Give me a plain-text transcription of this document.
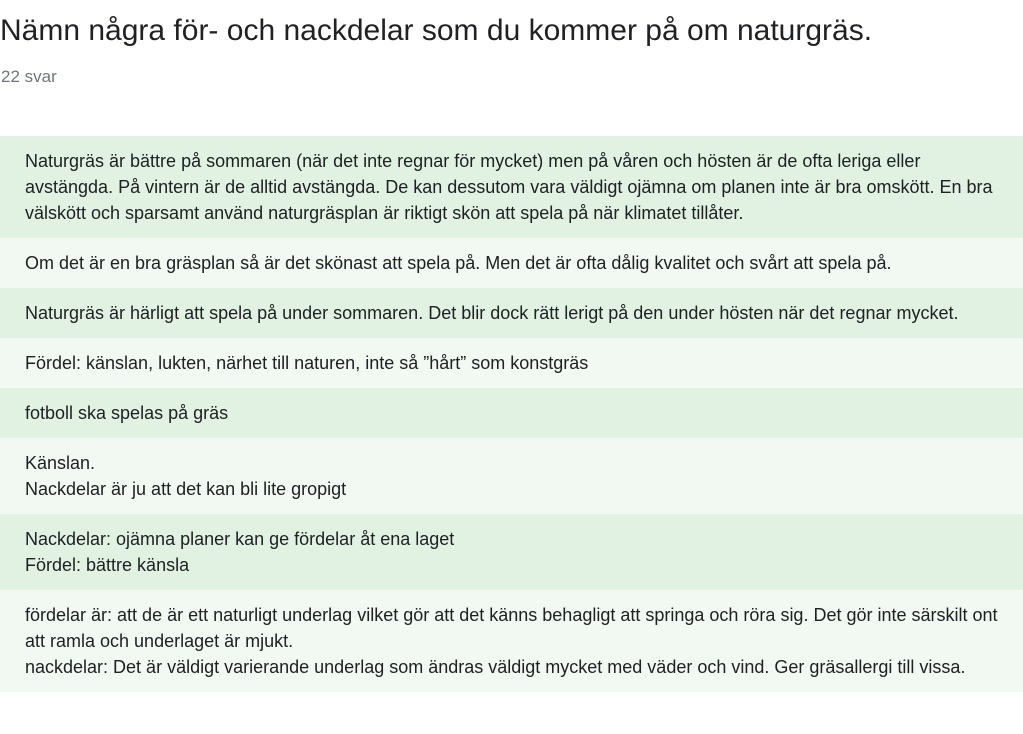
Nämn några för- och nackdelar som du kommer på om naturgräs.
22 svar
Naturgräs är bättre på sommaren (när det inte regnar för mycket) men på våren och hösten är de ofta leriga eller avstängda. På vintern är de alltid avstängda. De kan dessutom vara väldigt ojämna om planen inte är bra omskött. En bra välskött och sparsamt använd naturgräsplan är riktigt skön att spela på när klimatet tillåter.
Om det är en bra gräsplan så är det skönast att spela på. Men det är ofta dålig kvalitet och svårt att spela på.
Naturgräs är härligt att spela på under sommaren. Det blir dock rätt lerigt på den under hösten när det regnar mycket.
Fördel: känslan, lukten, närhet till naturen, inte så ”hårt” som konstgräs
fotboll ska spelas på gräs
Känslan.
Nackdelar är ju att det kan bli lite gropigt
Nackdelar: ojämna planer kan ge fördelar åt ena laget
Fördel: bättre känsla
fördelar är: att de är ett naturligt underlag vilket gör att det känns behagligt att springa och röra sig. Det gör inte särskilt ont att ramla och underlaget är mjukt.
nackdelar: Det är väldigt varierande underlag som ändras väldigt mycket med väder och vind. Ger gräsallergi till vissa.
